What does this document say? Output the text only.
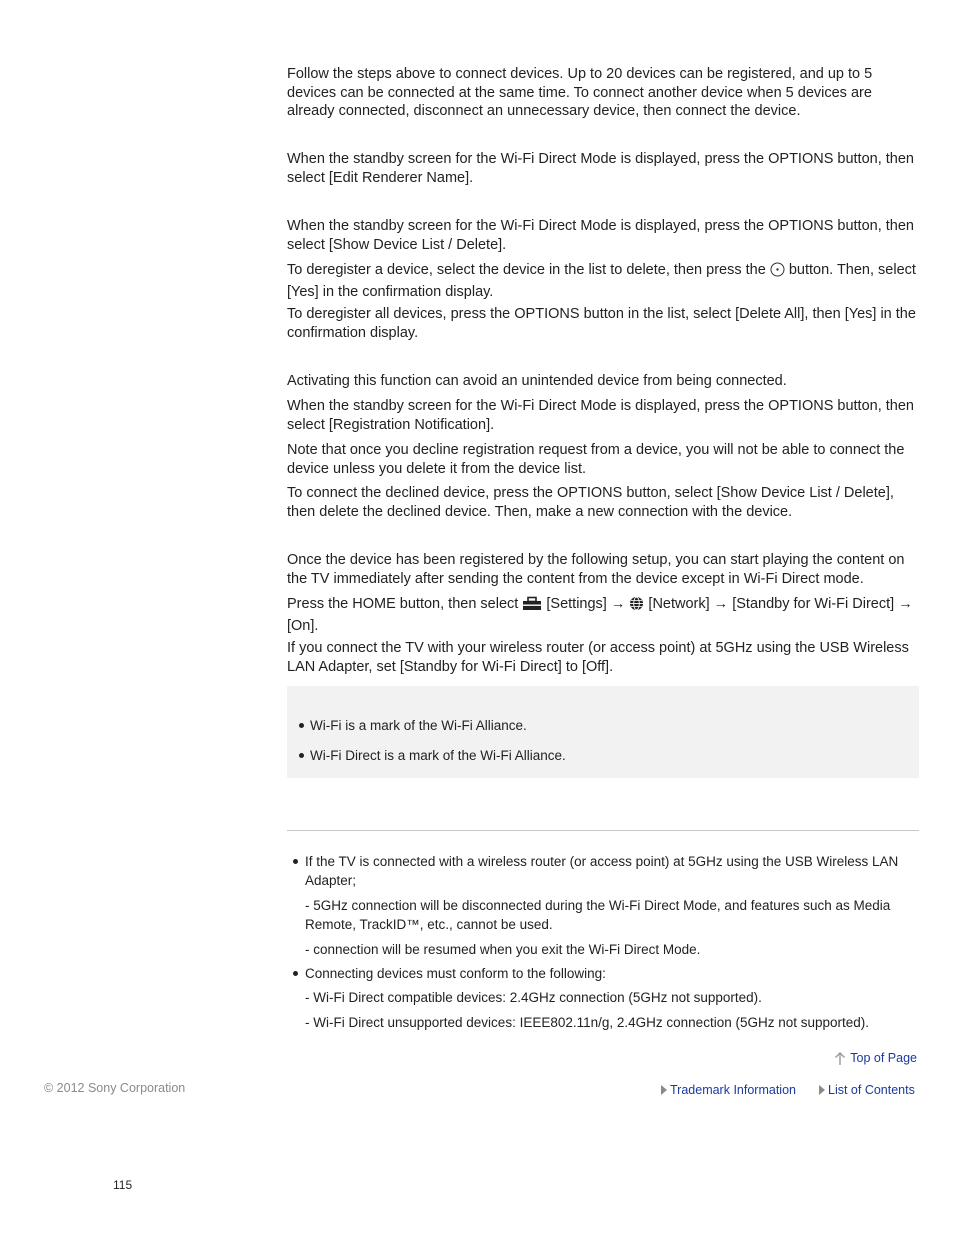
Follow the steps above to connect devices. Up to 20 devices can be registered, and up to 5 devices can be connected at the same time. To connect another device when 5 devices are already connected, disconnect an unnecessary device, then connect the device.

When the standby screen for the Wi-Fi Direct Mode is displayed, press the OPTIONS button, then select [Edit Renderer Name].

When the standby screen for the Wi-Fi Direct Mode is displayed, press the OPTIONS button, then select [Show Device List / Delete].

To deregister a device, select the device in the list to delete, then press the  button. Then, select [Yes] in the confirmation display.

To deregister all devices, press the OPTIONS button in the list, select [Delete All], then [Yes] in the confirmation display.

Activating this function can avoid an unintended device from being connected.

When the standby screen for the Wi-Fi Direct Mode is displayed, press the OPTIONS button, then select [Registration Notification].

Note that once you decline registration request from a device, you will not be able to connect the device unless you delete it from the device list.

To connect the declined device, press the OPTIONS button, select [Show Device List / Delete], then delete the declined device. Then, make a new connection with the device.

Once the device has been registered by the following setup, you can start playing the content on the TV immediately after sending the content from the device except in Wi-Fi Direct mode.

Press the HOME button, then select  [Settings] →  [Network] → [Standby for Wi-Fi Direct] → [On].

If you connect the TV with your wireless router (or access point) at 5GHz using the USB Wireless LAN Adapter, set [Standby for Wi-Fi Direct] to [Off].

Wi-Fi is a mark of the Wi-Fi Alliance.
Wi-Fi Direct is a mark of the Wi-Fi Alliance.
If the TV is connected with a wireless router (or access point) at 5GHz using the USB Wireless LAN Adapter;
- 5GHz connection will be disconnected during the Wi-Fi Direct Mode, and features such as Media Remote, TrackID™, etc., cannot be used.
- connection will be resumed when you exit the Wi-Fi Direct Mode.
Connecting devices must conform to the following:
- Wi-Fi Direct compatible devices: 2.4GHz connection (5GHz not supported).
- Wi-Fi Direct unsupported devices: IEEE802.11n/g, 2.4GHz connection (5GHz not supported).
Top of Page
© 2012 Sony Corporation	Trademark Information	List of Contents
115
